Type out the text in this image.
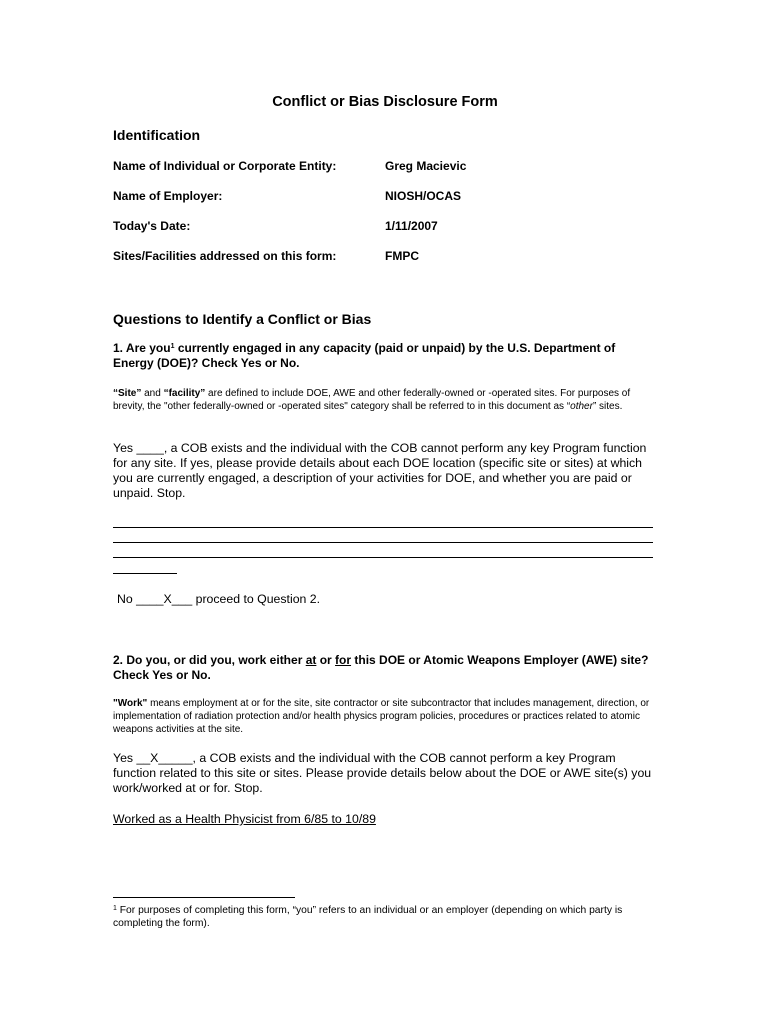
Conflict or Bias Disclosure Form
Identification
Name of Individual or Corporate Entity:	Greg Macievic
Name of Employer:	NIOSH/OCAS
Today's Date:	1/11/2007
Sites/Facilities addressed on this form:	FMPC
Questions to Identify a Conflict or Bias
1. Are you$^1$ currently engaged in any capacity (paid or unpaid) by the U.S. Department of Energy (DOE)? Check Yes or No.
“Site” and “facility” are defined to include DOE, AWE and other federally-owned or -operated sites. For purposes of brevity, the "other federally-owned or -operated sites" category shall be referred to in this document as “other” sites.
Yes ____, a COB exists and the individual with the COB cannot perform any key Program function for any site. If yes, please provide details about each DOE location (specific site or sites) at which you are currently engaged, a description of your activities for DOE, and whether you are paid or unpaid. Stop.
No ____X___ proceed to Question 2.
2. Do you, or did you, work either at or for this DOE or Atomic Weapons Employer (AWE) site? Check Yes or No.
"Work" means employment at or for the site, site contractor or site subcontractor that includes management, direction, or implementation of radiation protection and/or health physics program policies, procedures or practices related to atomic weapons activities at the site.
Yes __X_____, a COB exists and the individual with the COB cannot perform a key Program function related to this site or sites. Please provide details below about the DOE or AWE site(s) you work/worked at or for. Stop.
Worked as a Health Physicist from 6/85 to 10/89
$^1$ For purposes of completing this form, “you” refers to an individual or an employer (depending on which party is completing the form).
